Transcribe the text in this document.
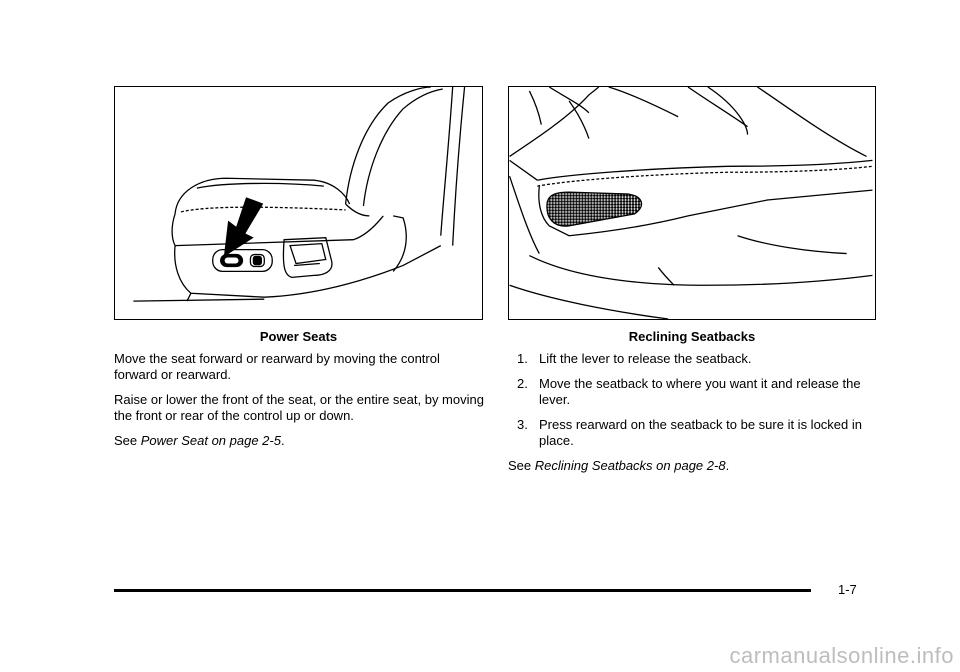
Power Seats	Reclining Seatbacks

Move the seat forward or rearward by moving the control forward or rearward.

Raise or lower the front of the seat, or the entire seat, by moving the front or rear of the control up or down.

See Power Seat on page 2-5.

1. Lift the lever to release the seatback.
2. Move the seatback to where you want it and release the lever.
3. Press rearward on the seatback to be sure it is locked in place.

See Reclining Seatbacks on page 2-8.

1-7
carmanualsonline.info
